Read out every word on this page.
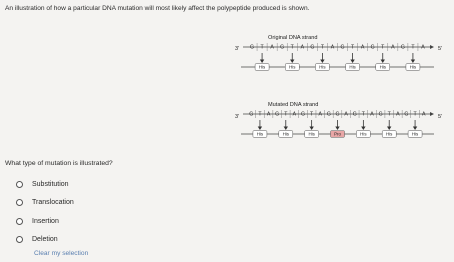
An illustration of how a particular DNA mutation will most likely affect the polypeptide produced is shown.
Original DNA strand
3'	5'
G T A G T A G T A G T A G T A G T A
His	His	His	His	His	His
Mutated DNA strand
3'	5'
G T A G T A G T A G G A G T A G T A G T A
His	His	His	Pro	His	His	His
What type of mutation is illustrated?
Substitution
Translocation
Insertion
Deletion
Clear my selection
